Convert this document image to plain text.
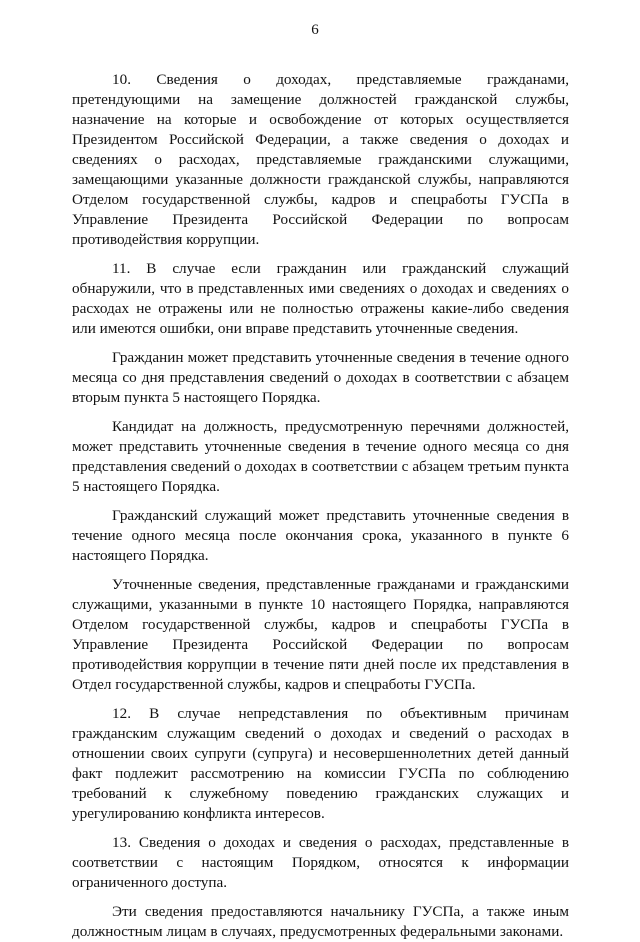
6

10. Сведения о доходах, представляемые гражданами, претендующими на замещение должностей гражданской службы, назначение на которые и освобождение от которых осуществляется Президентом Российской Федерации, а также сведения о доходах и сведениях о расходах, представляемые гражданскими служащими, замещающими указанные должности гражданской службы, направляются Отделом государственной службы, кадров и спецработы ГУСПа в Управление Президента Российской Федерации по вопросам противодействия коррупции.

11. В случае если гражданин или гражданский служащий обнаружили, что в представленных ими сведениях о доходах и сведениях о расходах не отражены или не полностью отражены какие-либо сведения или имеются ошибки, они вправе представить уточненные сведения.

Гражданин может представить уточненные сведения в течение одного месяца со дня представления сведений о доходах в соответствии с абзацем вторым пункта 5 настоящего Порядка.

Кандидат на должность, предусмотренную перечнями должностей, может представить уточненные сведения в течение одного месяца со дня представления сведений о доходах в соответствии с абзацем третьим пункта 5 настоящего Порядка.

Гражданский служащий может представить уточненные сведения в течение одного месяца после окончания срока, указанного в пункте 6 настоящего Порядка.

Уточненные сведения, представленные гражданами и гражданскими служащими, указанными в пункте 10 настоящего Порядка, направляются Отделом государственной службы, кадров и спецработы ГУСПа в Управление Президента Российской Федерации по вопросам противодействия коррупции в течение пяти дней после их представления в Отдел государственной службы, кадров и спецработы ГУСПа.

12. В случае непредставления по объективным причинам гражданским служащим сведений о доходах и сведений о расходах в отношении своих супруги (супруга) и несовершеннолетних детей данный факт подлежит рассмотрению на комиссии ГУСПа по соблюдению требований к служебному поведению гражданских служащих и урегулированию конфликта интересов.

13. Сведения о доходах и сведения о расходах, представленные в соответствии с настоящим Порядком, относятся к информации ограниченного доступа.

Эти сведения предоставляются начальнику ГУСПа, а также иным должностным лицам в случаях, предусмотренных федеральными законами.
